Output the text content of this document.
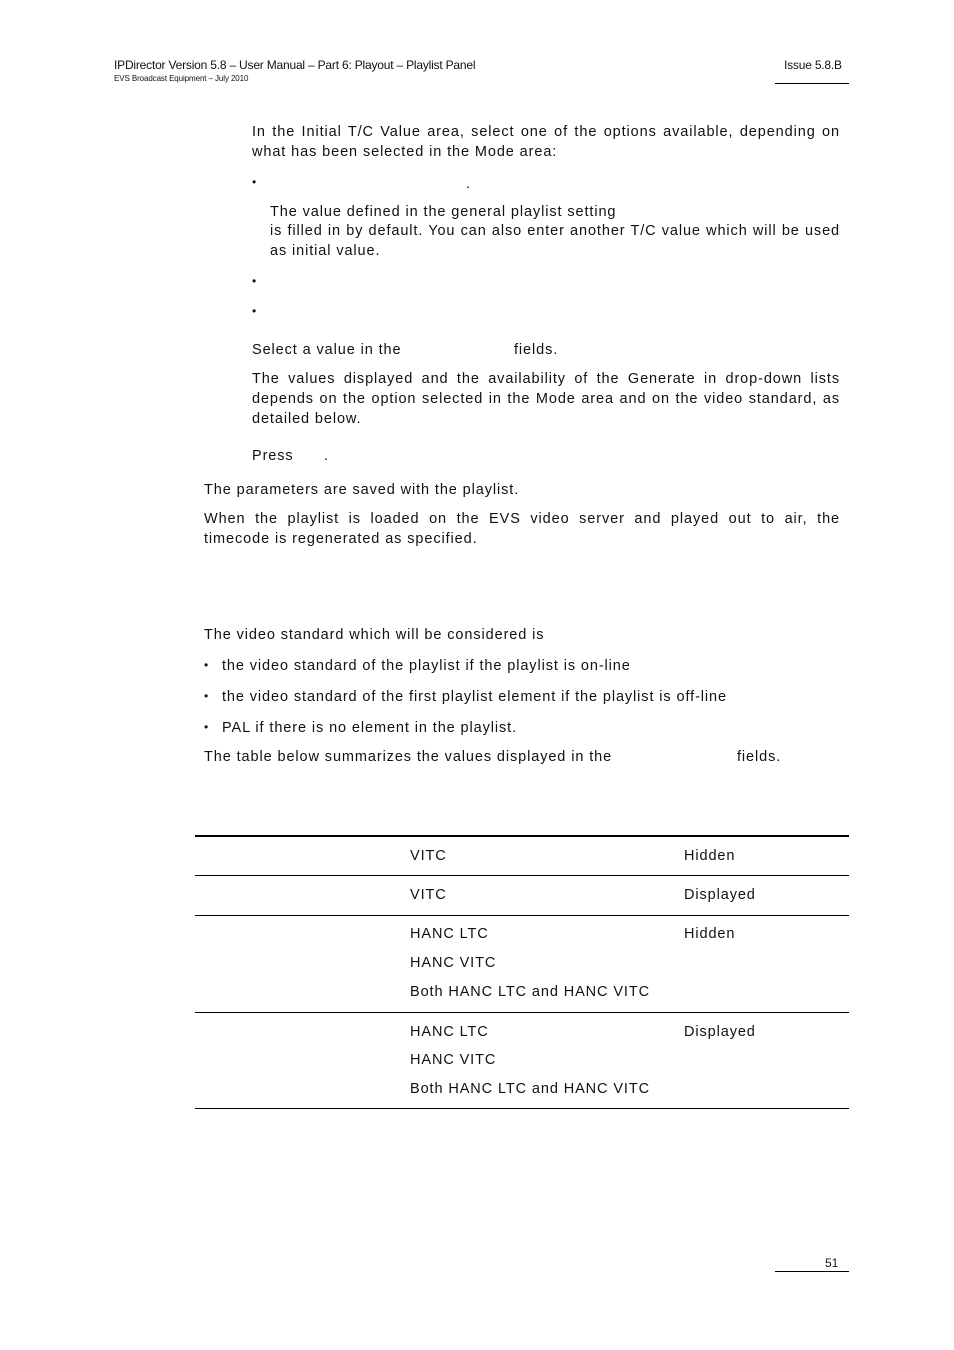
IPDirector Version 5.8 – User Manual – Part 6: Playout – Playlist Panel
EVS Broadcast Equipment – July 2010
Issue 5.8.B
In the Initial T/C Value area, select one of the options available, depending on what has been selected in the Mode area:
•	.
The value defined in the general playlist setting
is filled in by default. You can also enter another T/C value which will be used as initial value.
•
•
Select a value in the	fields.
The values displayed and the availability of the Generate in drop-down lists depends on the option selected in the Mode area and on the video standard, as detailed below.
Press .
The parameters are saved with the playlist.
When the playlist is loaded on the EVS video server and played out to air, the timecode is regenerated as specified.
The video standard which will be considered is
• the video standard of the playlist if the playlist is on-line
• the video standard of the first playlist element if the playlist is off-line
• PAL if there is no element in the playlist.
The table below summarizes the values displayed in the	fields.
VITC	Hidden
VITC	Displayed
HANC LTC	Hidden
HANC VITC
Both HANC LTC and HANC VITC
HANC LTC	Displayed
HANC VITC
Both HANC LTC and HANC VITC
51
